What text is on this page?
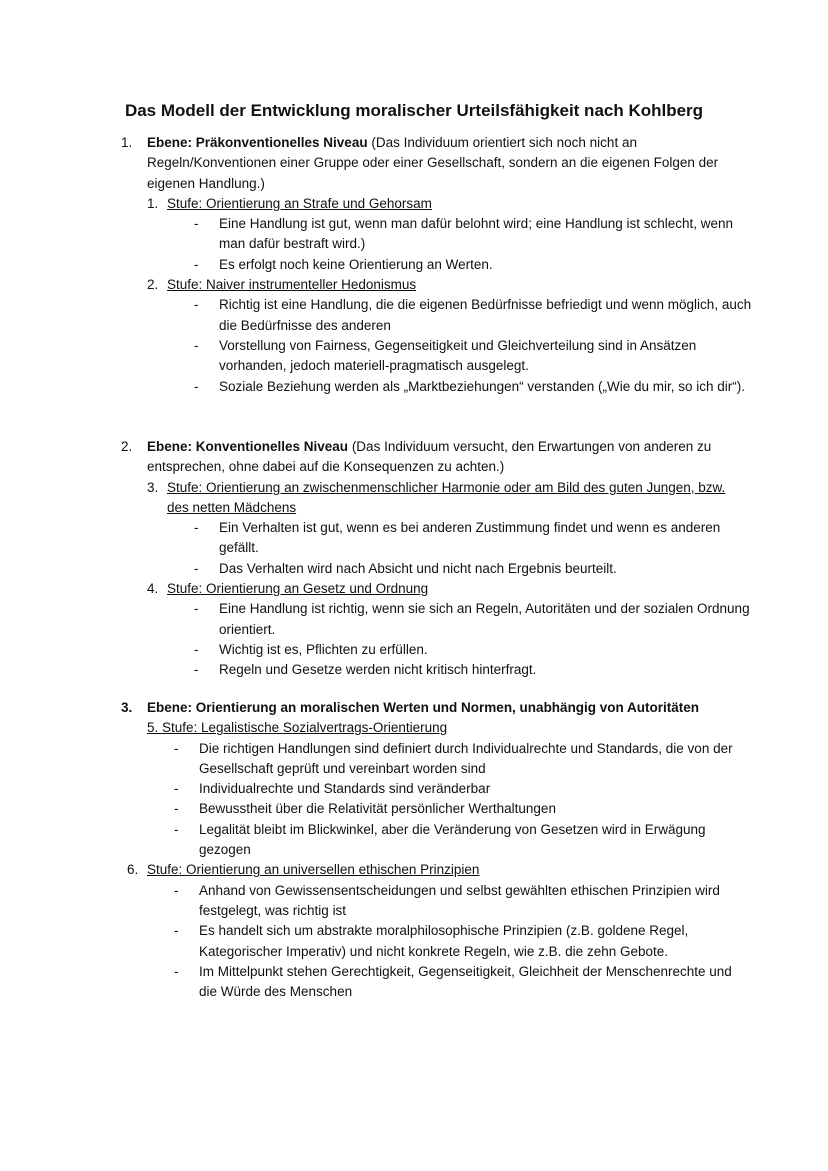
Das Modell der Entwicklung moralischer Urteilsfähigkeit nach Kohlberg
1. Ebene: Präkonventionelles Niveau (Das Individuum orientiert sich noch nicht an Regeln/Konventionen einer Gruppe oder einer Gesellschaft, sondern an die eigenen Folgen der eigenen Handlung.)

1. Stufe: Orientierung an Strafe und Gehorsam
- Eine Handlung ist gut, wenn man dafür belohnt wird; eine Handlung ist schlecht, wenn man dafür bestraft wird.)
- Es erfolgt noch keine Orientierung an Werten.
2. Stufe: Naiver instrumenteller Hedonismus
- Richtig ist eine Handlung, die die eigenen Bedürfnisse befriedigt und wenn möglich, auch die Bedürfnisse des anderen
- Vorstellung von Fairness, Gegenseitigkeit und Gleichverteilung sind in Ansätzen vorhanden, jedoch materiell-pragmatisch ausgelegt.
- Soziale Beziehung werden als „Marktbeziehungen“ verstanden („Wie du mir, so ich dir“).
2. Ebene: Konventionelles Niveau (Das Individuum versucht, den Erwartungen von anderen zu entsprechen, ohne dabei auf die Konsequenzen zu achten.)

3. Stufe: Orientierung an zwischenmenschlicher Harmonie oder am Bild des guten Jungen, bzw. des netten Mädchens
- Ein Verhalten ist gut, wenn es bei anderen Zustimmung findet und wenn es anderen gefällt.
- Das Verhalten wird nach Absicht und nicht nach Ergebnis beurteilt.
4. Stufe: Orientierung an Gesetz und Ordnung
- Eine Handlung ist richtig, wenn sie sich an Regeln, Autoritäten und der sozialen Ordnung orientiert.
- Wichtig ist es, Pflichten zu erfüllen.
- Regeln und Gesetze werden nicht kritisch hinterfragt.
3. Ebene: Orientierung an moralischen Werten und Normen, unabhängig von Autoritäten

5. Stufe: Legalistische Sozialvertrags-Orientierung
- Die richtigen Handlungen sind definiert durch Individualrechte und Standards, die von der Gesellschaft geprüft und vereinbart worden sind
- Individualrechte und Standards sind veränderbar
- Bewusstheit über die Relativität persönlicher Werthaltungen
- Legalität bleibt im Blickwinkel, aber die Veränderung von Gesetzen wird in Erwägung gezogen
6. Stufe: Orientierung an universellen ethischen Prinzipien
- Anhand von Gewissensentscheidungen und selbst gewählten ethischen Prinzipien wird festgelegt, was richtig ist
- Es handelt sich um abstrakte moralphilosophische Prinzipien (z.B. goldene Regel, Kategorischer Imperativ) und nicht konkrete Regeln, wie z.B. die zehn Gebote.
- Im Mittelpunkt stehen Gerechtigkeit, Gegenseitigkeit, Gleichheit der Menschenrechte und die Würde des Menschen
